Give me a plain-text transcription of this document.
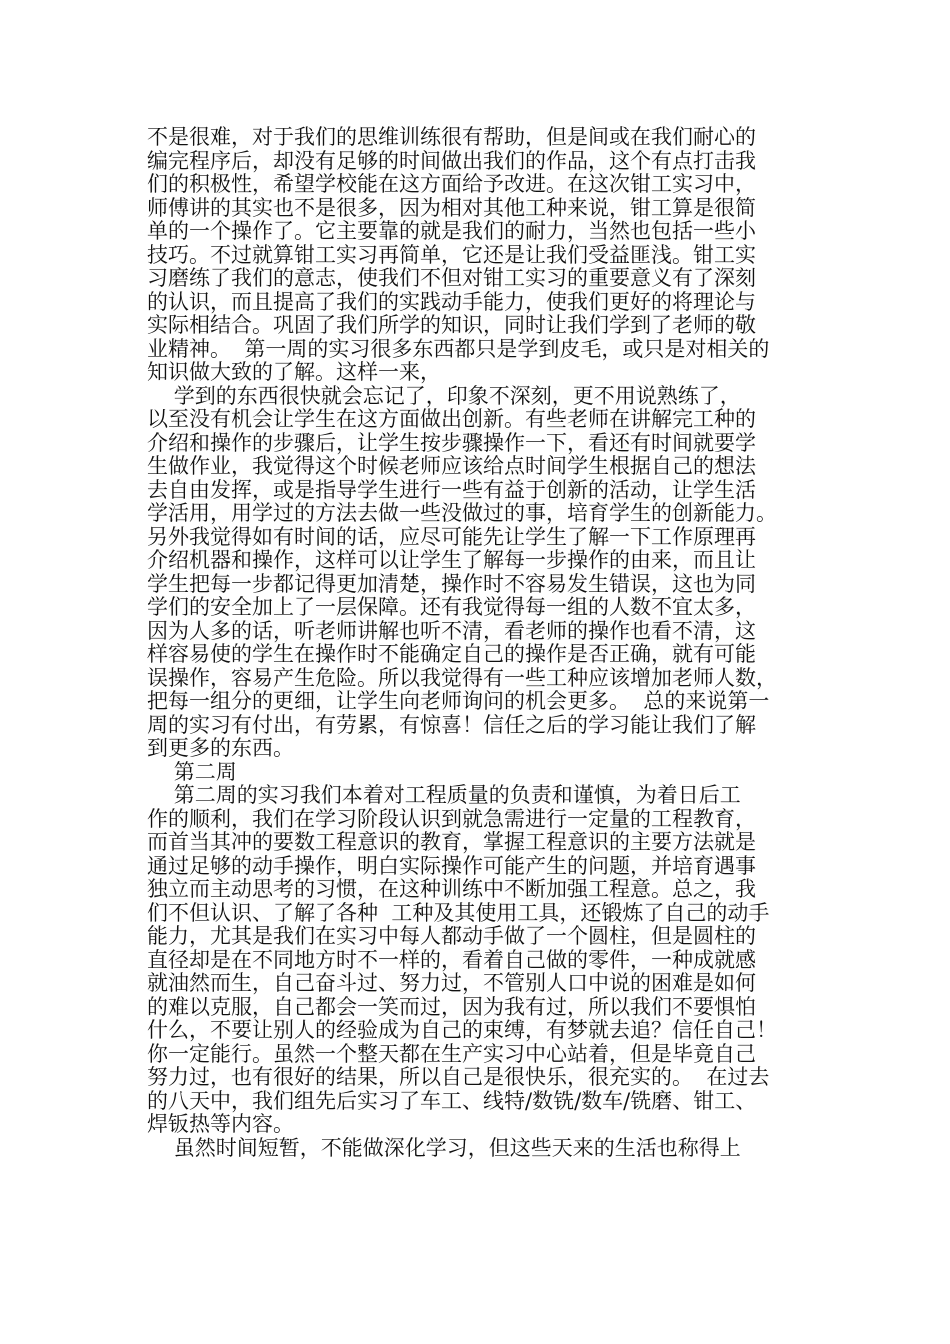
不是很难，对于我们的思维训练很有帮助，但是间或在我们耐心的
编完程序后，却没有足够的时间做出我们的作品，这个有点打击我
们的积极性，希望学校能在这方面给予改进。在这次钳工实习中，
师傅讲的其实也不是很多，因为相对其他工种来说，钳工算是很简
单的一个操作了。它主要靠的就是我们的耐力，当然也包括一些小
技巧。不过就算钳工实习再简单，它还是让我们受益匪浅。钳工实
习磨练了我们的意志，使我们不但对钳工实习的重要意义有了深刻
的认识，而且提高了我们的实践动手能力，使我们更好的将理论与
实际相结合。巩固了我们所学的知识，同时让我们学到了老师的敬
业精神。  第一周的实习很多东西都只是学到皮毛，或只是对相关的
知识做大致的了解。这样一来，
学到的东西很快就会忘记了，印象不深刻，更不用说熟练了，
以至没有机会让学生在这方面做出创新。有些老师在讲解完工种的
介绍和操作的步骤后，让学生按步骤操作一下，看还有时间就要学
生做作业，我觉得这个时候老师应该给点时间学生根据自己的想法
去自由发挥，或是指导学生进行一些有益于创新的活动，让学生活
学活用，用学过的方法去做一些没做过的事，培育学生的创新能力。
另外我觉得如有时间的话，应尽可能先让学生了解一下工作原理再
介绍机器和操作，这样可以让学生了解每一步操作的由来，而且让
学生把每一步都记得更加清楚，操作时不容易发生错误，这也为同
学们的安全加上了一层保障。还有我觉得每一组的人数不宜太多，
因为人多的话，听老师讲解也听不清，看老师的操作也看不清，这
样容易使的学生在操作时不能确定自己的操作是否正确，就有可能
误操作，容易产生危险。所以我觉得有一些工种应该增加老师人数，
把每一组分的更细，让学生向老师询问的机会更多。  总的来说第一
周的实习有付出，有劳累，有惊喜！信任之后的学习能让我们了解
到更多的东西。
第二周
第二周的实习我们本着对工程质量的负责和谨慎，为着日后工
作的顺利，我们在学习阶段认识到就急需进行一定量的工程教育，
而首当其冲的要数工程意识的教育，掌握工程意识的主要方法就是
通过足够的动手操作，明白实际操作可能产生的问题，并培育遇事
独立而主动思考的习惯，在这种训练中不断加强工程意。总之，我
们不但认识、了解了各种  工种及其使用工具，还锻炼了自己的动手
能力，尤其是我们在实习中每人都动手做了一个圆柱，但是圆柱的
直径却是在不同地方时不一样的，看着自己做的零件，一种成就感
就油然而生，自己奋斗过、努力过，不管别人口中说的困难是如何
的难以克服，自己都会一笑而过，因为我有过，所以我们不要惧怕
什么，不要让别人的经验成为自己的束缚，有梦就去追？信任自己！
你一定能行。虽然一个整天都在生产实习中心站着，但是毕竟自己
努力过，也有很好的结果，所以自己是很快乐，很充实的。  在过去
的八天中，我们组先后实习了车工、线特/数铣/数车/铣磨、钳工、
焊钣热等内容。
虽然时间短暂，不能做深化学习，但这些天来的生活也称得上
